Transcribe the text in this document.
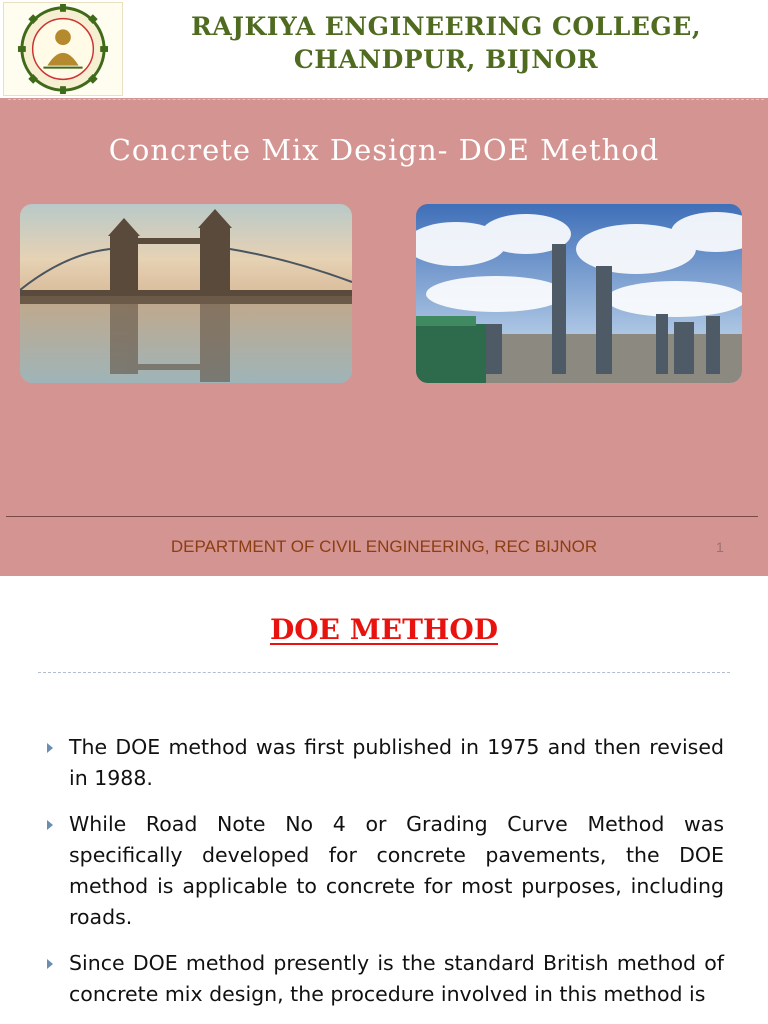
RAJKIYA ENGINEERING COLLEGE, CHANDPUR, BIJNOR
Concrete Mix Design- DOE Method
DEPARTMENT OF CIVIL ENGINEERING, REC BIJNOR	1
DOE METHOD
The DOE method was first published in 1975 and then revised in 1988.
While Road Note No 4 or Grading Curve Method was specifically developed for concrete pavements, the DOE method is applicable to concrete for most purposes, including roads.
Since DOE method presently is the standard British method of concrete mix design, the procedure involved in this method is
